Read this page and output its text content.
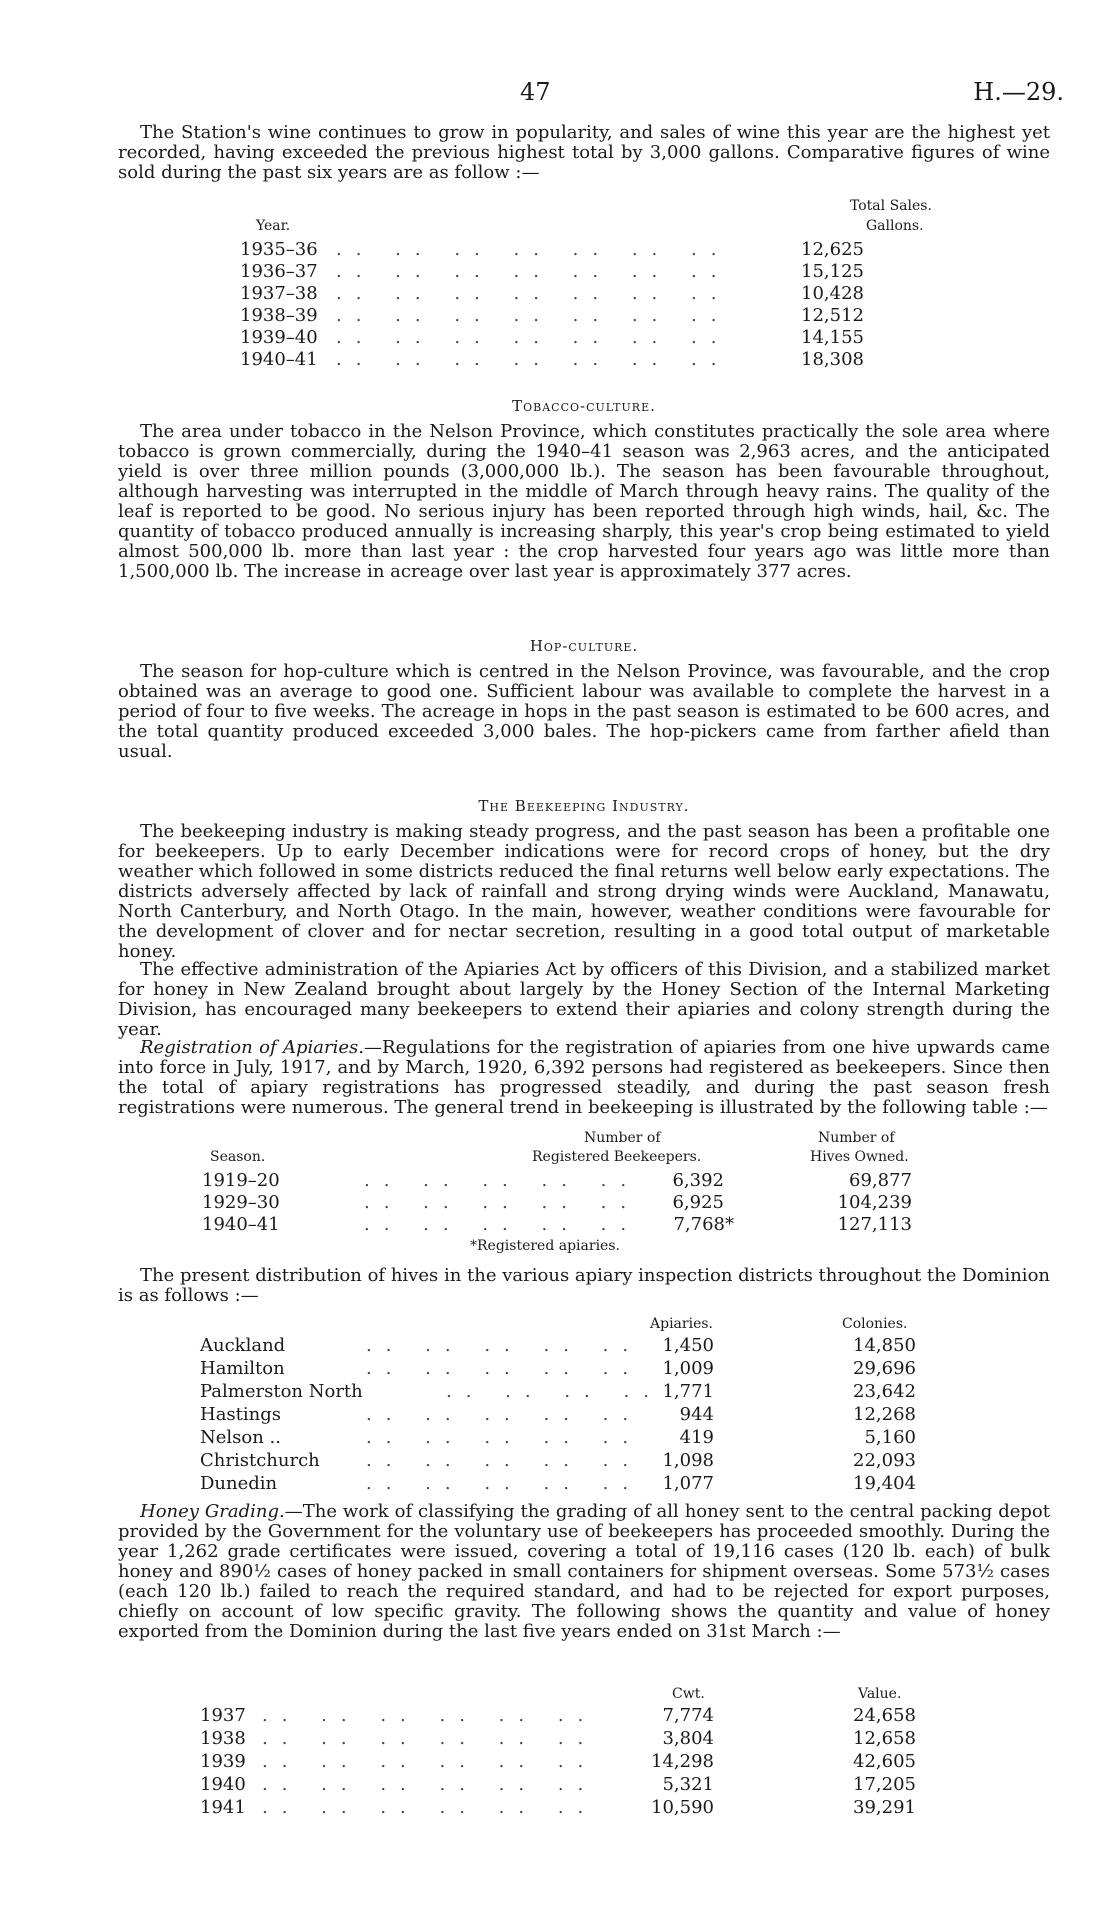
47	H.—29.

The Station's wine continues to grow in popularity, and sales of wine this year are the highest yet recorded, having exceeded the previous highest total by 3,000 gallons. Comparative figures of wine sold during the past six years are as follow :—

Total Sales.
Year.	Gallons.
1935–36 .. .. .. .. .. .. ..	12,625
1936–37 .. .. .. .. .. .. ..	15,125
1937–38 .. .. .. .. .. .. ..	10,428
1938–39 .. .. .. .. .. .. ..	12,512
1939–40 .. .. .. .. .. .. ..	14,155
1940–41 .. .. .. .. .. .. ..	18,308

Tobacco-culture.

The area under tobacco in the Nelson Province, which constitutes practically the sole area where tobacco is grown commercially, during the 1940–41 season was 2,963 acres, and the anticipated yield is over three million pounds (3,000,000 lb.). The season has been favourable throughout, although harvesting was interrupted in the middle of March through heavy rains. The quality of the leaf is reported to be good. No serious injury has been reported through high winds, hail, &c. The quantity of tobacco produced annually is increasing sharply, this year's crop being estimated to yield almost 500,000 lb. more than last year : the crop harvested four years ago was little more than 1,500,000 lb. The increase in acreage over last year is approximately 377 acres.

Hop-culture.

The season for hop-culture which is centred in the Nelson Province, was favourable, and the crop obtained was an average to good one. Sufficient labour was available to complete the harvest in a period of four to five weeks. The acreage in hops in the past season is estimated to be 600 acres, and the total quantity produced exceeded 3,000 bales. The hop-pickers came from farther afield than usual.

The Beekeeping Industry.

The beekeeping industry is making steady progress, and the past season has been a profitable one for beekeepers. Up to early December indications were for record crops of honey, but the dry weather which followed in some districts reduced the final returns well below early expectations. The districts adversely affected by lack of rainfall and strong drying winds were Auckland, Manawatu, North Canterbury, and North Otago. In the main, however, weather conditions were favourable for the development of clover and for nectar secretion, resulting in a good total output of marketable honey.

The effective administration of the Apiaries Act by officers of this Division, and a stabilized market for honey in New Zealand brought about largely by the Honey Section of the Internal Marketing Division, has encouraged many beekeepers to extend their apiaries and colony strength during the year.

Registration of Apiaries.—Regulations for the registration of apiaries from one hive upwards came into force in July, 1917, and by March, 1920, 6,392 persons had registered as beekeepers. Since then the total of apiary registrations has progressed steadily, and during the past season fresh registrations were numerous. The general trend in beekeeping is illustrated by the following table :—

Number of	Number of
Season.	Registered Beekeepers.	Hives Owned.
1919–20	.. .. .. .. .. 6,392	69,877
1929–30	.. .. .. .. .. 6,925	104,239
1940–41	.. .. .. .. .. 7,768*	127,113
*Registered apiaries.

The present distribution of hives in the various apiary inspection districts throughout the Dominion is as follows :—

Apiaries.	Colonies.
Auckland	.. .. .. .. .. 1,450	14,850
Hamilton	.. .. .. .. .. 1,009	29,696
Palmerston North	.. .. .. .. 1,771	23,642
Hastings	.. .. .. .. .. 944	12,268
Nelson ..	.. .. .. .. .. 419	5,160
Christchurch	.. .. .. .. .. 1,098	22,093
Dunedin	.. .. .. .. .. 1,077	19,404

Honey Grading.—The work of classifying the grading of all honey sent to the central packing depot provided by the Government for the voluntary use of beekeepers has proceeded smoothly. During the year 1,262 grade certificates were issued, covering a total of 19,116 cases (120 lb. each) of bulk honey and 890½ cases of honey packed in small containers for shipment overseas. Some 573½ cases (each 120 lb.) failed to reach the required standard, and had to be rejected for export purposes, chiefly on account of low specific gravity. The following shows the quantity and value of honey exported from the Dominion during the last five years ended on 31st March :—

Cwt.	Value.
1937 .. .. .. .. .. ..	7,774	24,658
1938 .. .. .. .. .. ..	3,804	12,658
1939 .. .. .. .. .. ..	14,298	42,605
1940 .. .. .. .. .. ..	5,321	17,205
1941 .. .. .. .. .. ..	10,590	39,291
